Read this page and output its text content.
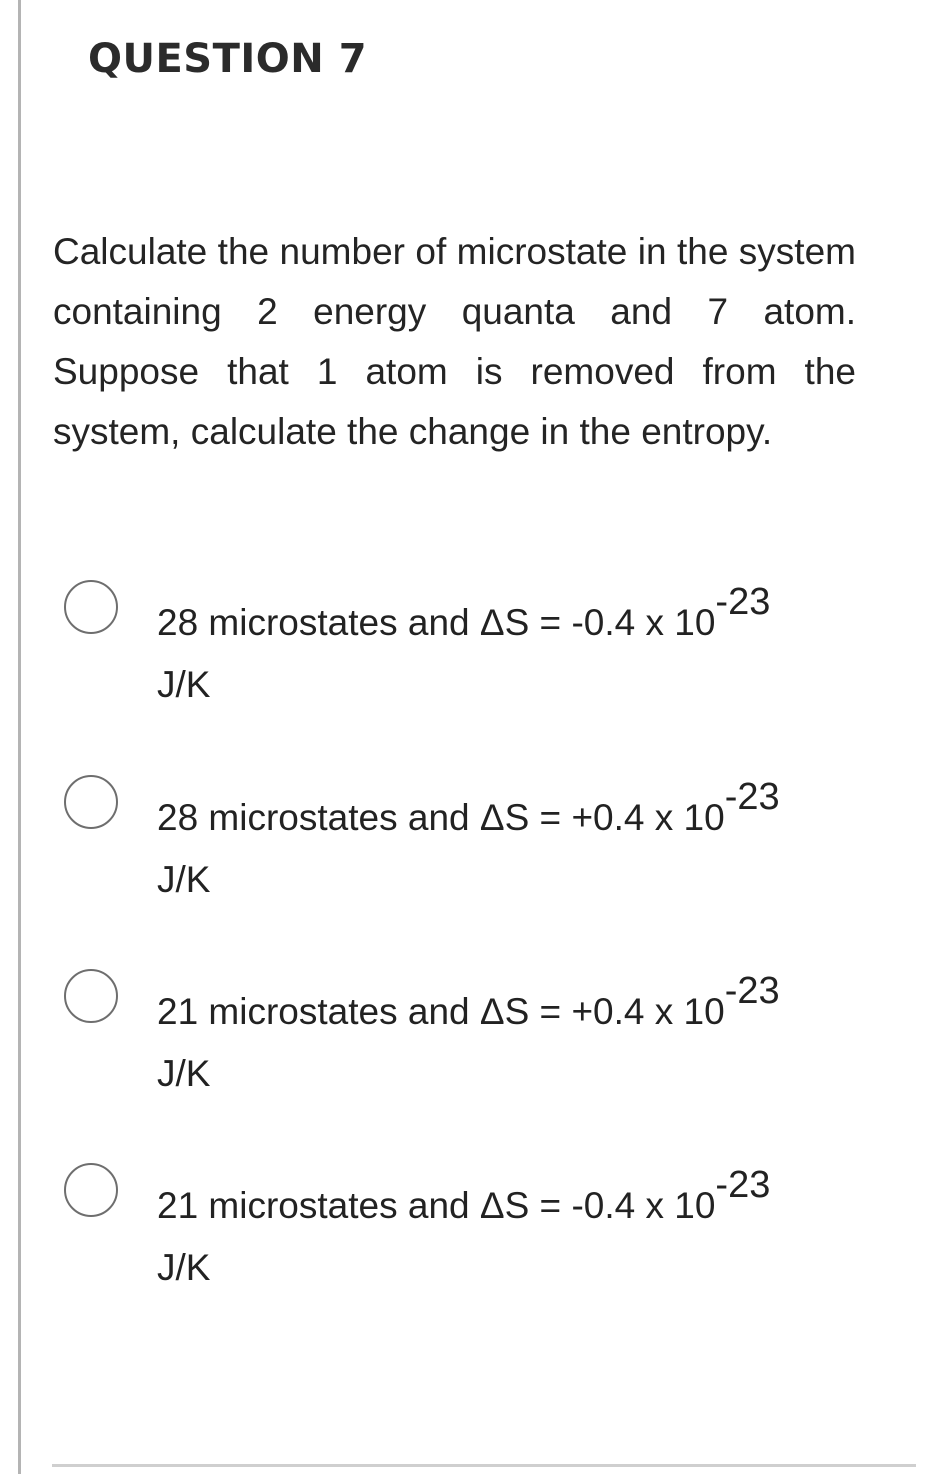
QUESTION 7

Calculate the number of microstate in the system containing 2 energy quanta and 7 atom. Suppose that 1 atom is removed from the system, calculate the change in the entropy.

28 microstates and ΔS = -0.4 x $10^{-23}$
J/K
28 microstates and ΔS = +0.4 x $10^{-23}$
J/K
21 microstates and ΔS = +0.4 x $10^{-23}$
J/K
21 microstates and ΔS = -0.4 x $10^{-23}$
J/K
